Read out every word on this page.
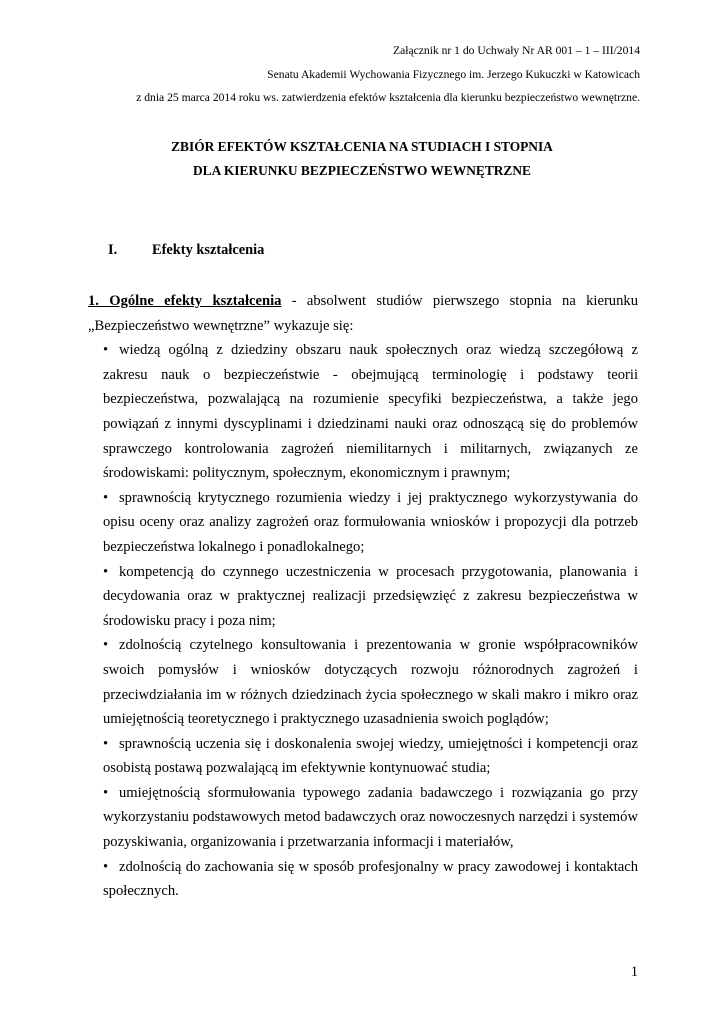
Załącznik nr 1 do Uchwały Nr AR 001 – 1 – III/2014
Senatu Akademii Wychowania Fizycznego im. Jerzego Kukuczki w Katowicach
z dnia 25 marca 2014 roku ws. zatwierdzenia efektów kształcenia dla kierunku bezpieczeństwo wewnętrzne.
ZBIÓR EFEKTÓW KSZTAŁCENIA NA STUDIACH I STOPNIA
DLA KIERUNKU BEZPIECZEŃSTWO WEWNĘTRZNE
I. Efekty kształcenia

1. Ogólne efekty kształcenia - absolwent studiów pierwszego stopnia na kierunku „Bezpieczeństwo wewnętrzne” wykazuje się:

• wiedzą ogólną z dziedziny obszaru nauk społecznych oraz wiedzą szczegółową z zakresu nauk o bezpieczeństwie - obejmującą terminologię i podstawy teorii bezpieczeństwa, pozwalającą na rozumienie specyfiki bezpieczeństwa, a także jego powiązań z innymi dyscyplinami i dziedzinami nauki oraz odnoszącą się do problemów sprawczego kontrolowania zagrożeń niemilitarnych i militarnych, związanych ze środowiskami: politycznym, społecznym, ekonomicznym i prawnym;

• sprawnością krytycznego rozumienia wiedzy i jej praktycznego wykorzystywania do opisu oceny oraz analizy zagrożeń oraz formułowania wniosków i propozycji dla potrzeb bezpieczeństwa lokalnego i ponadlokalnego;

• kompetencją do czynnego uczestniczenia w procesach przygotowania, planowania i decydowania oraz w praktycznej realizacji przedsięwzięć z zakresu bezpieczeństwa w środowisku pracy i poza nim;

• zdolnością czytelnego konsultowania i prezentowania w gronie współpracowników swoich pomysłów i wniosków dotyczących rozwoju różnorodnych zagrożeń i przeciwdziałania im w różnych dziedzinach życia społecznego w skali makro i mikro oraz umiejętnością teoretycznego i praktycznego uzasadnienia swoich poglądów;

• sprawnością uczenia się i doskonalenia swojej wiedzy, umiejętności i kompetencji oraz osobistą postawą pozwalającą im efektywnie kontynuować studia;

• umiejętnością sformułowania typowego zadania badawczego i rozwiązania go przy wykorzystaniu podstawowych metod badawczych oraz nowoczesnych narzędzi i systemów pozyskiwania, organizowania i przetwarzania informacji i materiałów,

• zdolnością do zachowania się w sposób profesjonalny w pracy zawodowej i kontaktach społecznych.

1
